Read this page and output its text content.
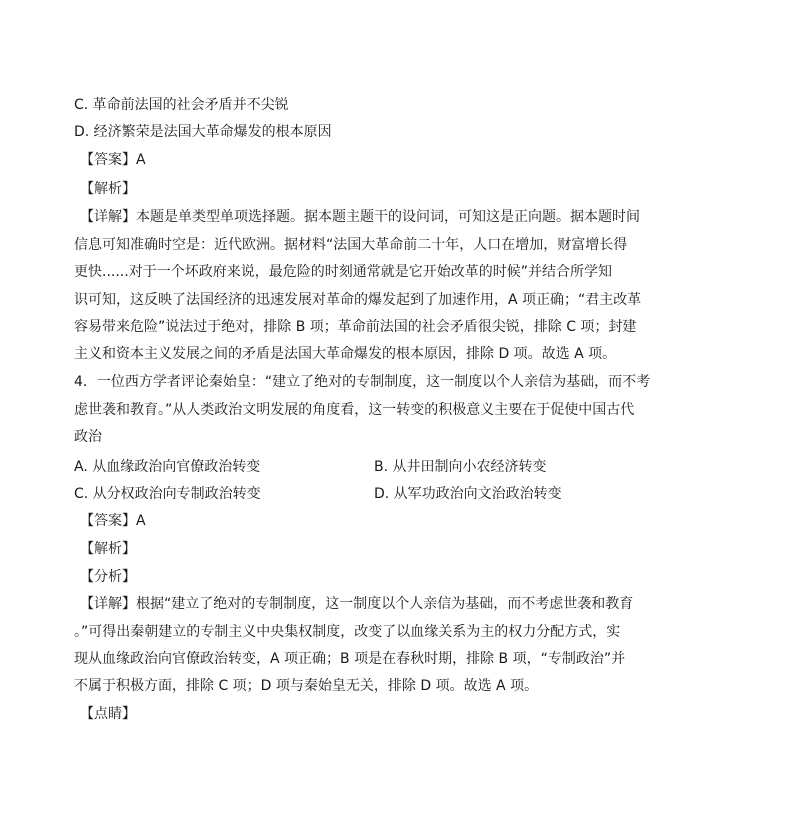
C. 革命前法国的社会矛盾并不尖锐
D. 经济繁荣是法国大革命爆发的根本原因
【答案】A
【解析】
【详解】本题是单类型单项选择题。据本题主题干的设问词，可知这是正向题。据本题时间
信息可知准确时空是：近代欧洲。据材料“法国大革命前二十年，人口在增加，财富增长得
更快......对于一个坏政府来说，最危险的时刻通常就是它开始改革的时候”并结合所学知
识可知，这反映了法国经济的迅速发展对革命的爆发起到了加速作用，A 项正确；“君主改革
容易带来危险”说法过于绝对，排除 B 项；革命前法国的社会矛盾很尖锐，排除 C 项；封建
主义和资本主义发展之间的矛盾是法国大革命爆发的根本原因，排除 D 项。故选 A 项。
4．一位西方学者评论秦始皇：“建立了绝对的专制制度，这一制度以个人亲信为基础，而不考
虑世袭和教育。”从人类政治文明发展的角度看，这一转变的积极意义主要在于促使中国古代
政治
A. 从血缘政治向官僚政治转变	B. 从井田制向小农经济转变
C. 从分权政治向专制政治转变	D. 从军功政治向文治政治转变
【答案】A
【解析】
【分析】
【详解】根据“建立了绝对的专制制度，这一制度以个人亲信为基础，而不考虑世袭和教育
。”可得出秦朝建立的专制主义中央集权制度，改变了以血缘关系为主的权力分配方式，实
现从血缘政治向官僚政治转变，A 项正确；B 项是在春秋时期，排除 B 项，“专制政治”并
不属于积极方面，排除 C 项；D 项与秦始皇无关，排除 D 项。故选 A 项。
【点睛】
